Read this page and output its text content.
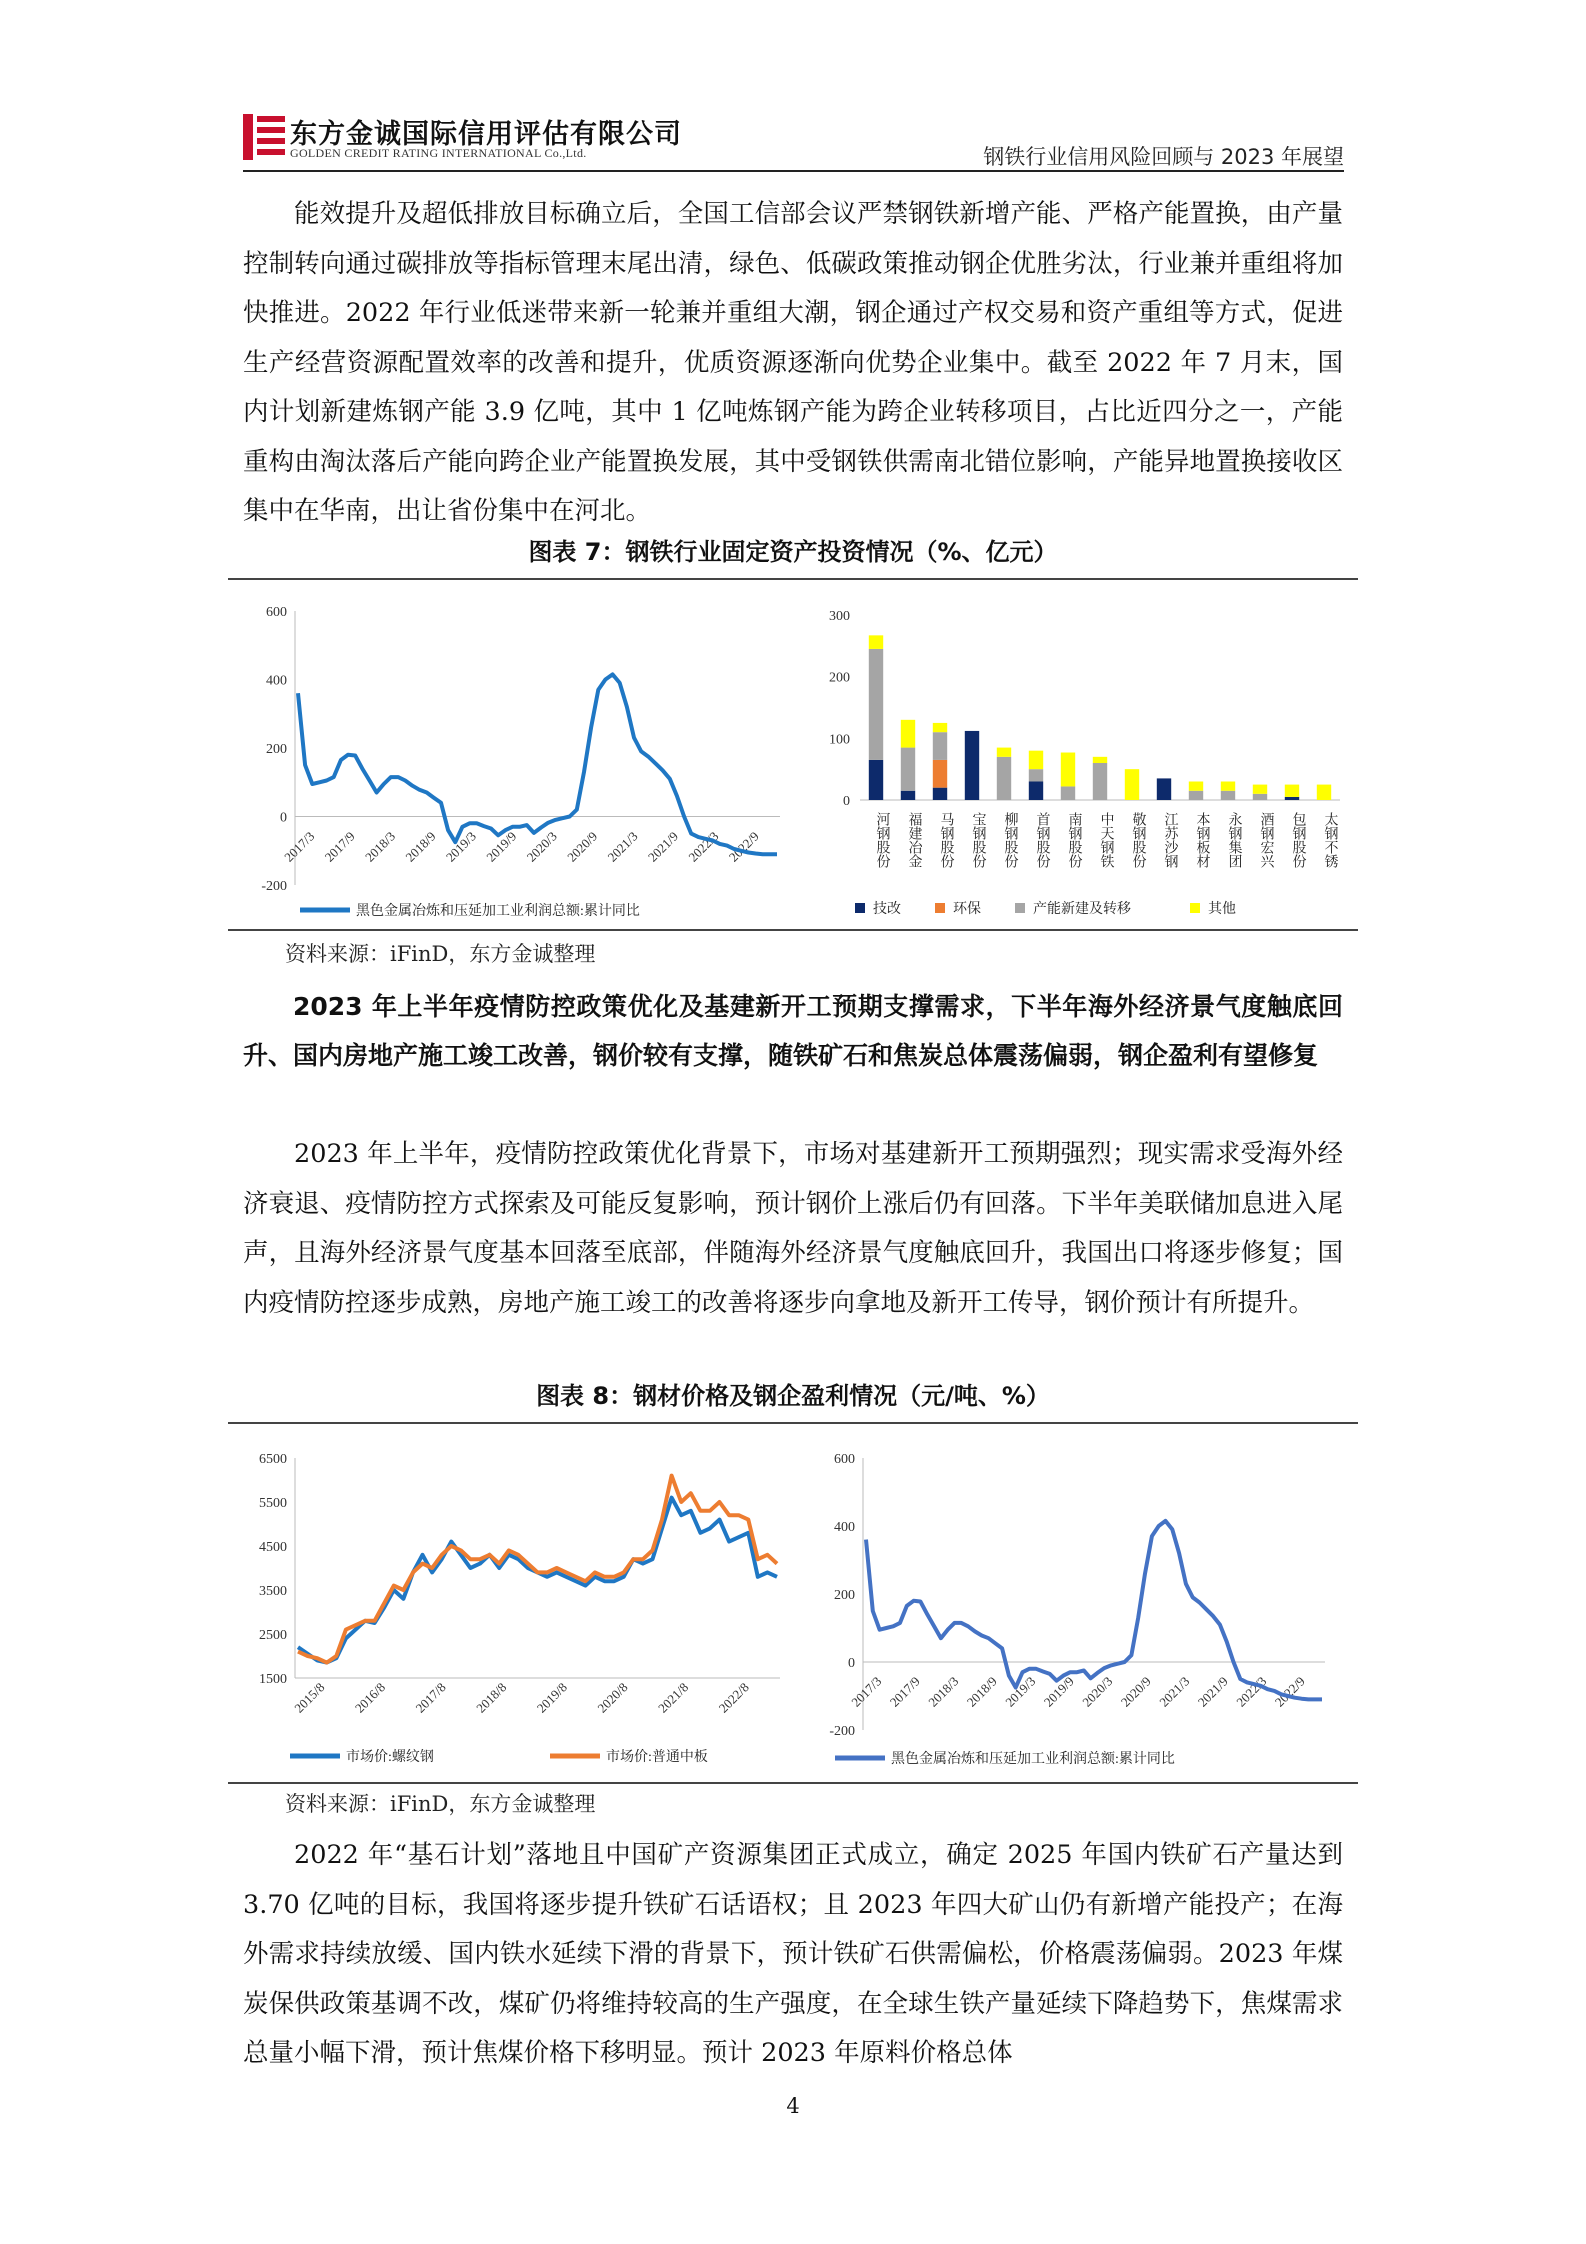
东方金诚国际信用评估有限公司
GOLDEN CREDIT RATING INTERNATIONAL Co.,Ltd.	钢铁行业信用风险回顾与 2023 年展望
能效提升及超低排放目标确立后，全国工信部会议严禁钢铁新增产能、严格产能置换，由产量控制转向通过碳排放等指标管理末尾出清，绿色、低碳政策推动钢企优胜劣汰，行业兼并重组将加快推进。2022 年行业低迷带来新一轮兼并重组大潮，钢企通过产权交易和资产重组等方式，促进生产经营资源配置效率的改善和提升，优质资源逐渐向优势企业集中。截至 2022 年 7 月末，国内计划新建炼钢产能 3.9 亿吨，其中 1 亿吨炼钢产能为跨企业转移项目，占比近四分之一，产能重构由淘汰落后产能向跨企业产能置换发展，其中受钢铁供需南北错位影响，产能异地置换接收区集中在华南，出让省份集中在河北。
图表 7：钢铁行业固定资产投资情况（%、亿元）
600
400
200
0
-200
2017/3 2017/9 2018/3 2018/9 2019/3 2019/9 2020/3 2020/9 2021/3 2021/9 2022/3 2022/9
黑色金属冶炼和压延加工业利润总额:累计同比
300
200
100
0
河钢股份 福建冶金 马钢股份 宝钢股份 柳钢股份 首钢股份 南钢股份 中天钢铁 敬钢股份 江苏沙钢 本钢板材 永钢集团 酒钢宏兴 包钢股份 太钢不锈
技改	环保	产能新建及转移	其他
资料来源：iFinD，东方金诚整理
2023 年上半年疫情防控政策优化及基建新开工预期支撑需求，下半年海外经济景气度触底回升、国内房地产施工竣工改善，钢价较有支撑，随铁矿石和焦炭总体震荡偏弱，钢企盈利有望修复
2023 年上半年，疫情防控政策优化背景下，市场对基建新开工预期强烈；现实需求受海外经济衰退、疫情防控方式探索及可能反复影响，预计钢价上涨后仍有回落。下半年美联储加息进入尾声，且海外经济景气度基本回落至底部，伴随海外经济景气度触底回升，我国出口将逐步修复；国内疫情防控逐步成熟，房地产施工竣工的改善将逐步向拿地及新开工传导，钢价预计有所提升。
图表 8：钢材价格及钢企盈利情况（元/吨、%）
6500
5500
4500
3500
2500
1500
2015/8 2016/8 2017/8 2018/8 2019/8 2020/8 2021/8 2022/8
市场价:螺纹钢	市场价:普通中板
600
400
200
0
-200
2017/3 2017/9 2018/3 2018/9 2019/3 2019/9 2020/3 2020/9 2021/3 2021/9 2022/3 2022/9
黑色金属冶炼和压延加工业利润总额:累计同比
资料来源：iFinD，东方金诚整理
2022 年“基石计划”落地且中国矿产资源集团正式成立，确定 2025 年国内铁矿石产量达到 3.70 亿吨的目标，我国将逐步提升铁矿石话语权；且 2023 年四大矿山仍有新增产能投产；在海外需求持续放缓、国内铁水延续下滑的背景下，预计铁矿石供需偏松，价格震荡偏弱。2023 年煤炭保供政策基调不改，煤矿仍将维持较高的生产强度，在全球生铁产量延续下降趋势下，焦煤需求总量小幅下滑，预计焦煤价格下移明显。预计 2023 年原料价格总体
4
